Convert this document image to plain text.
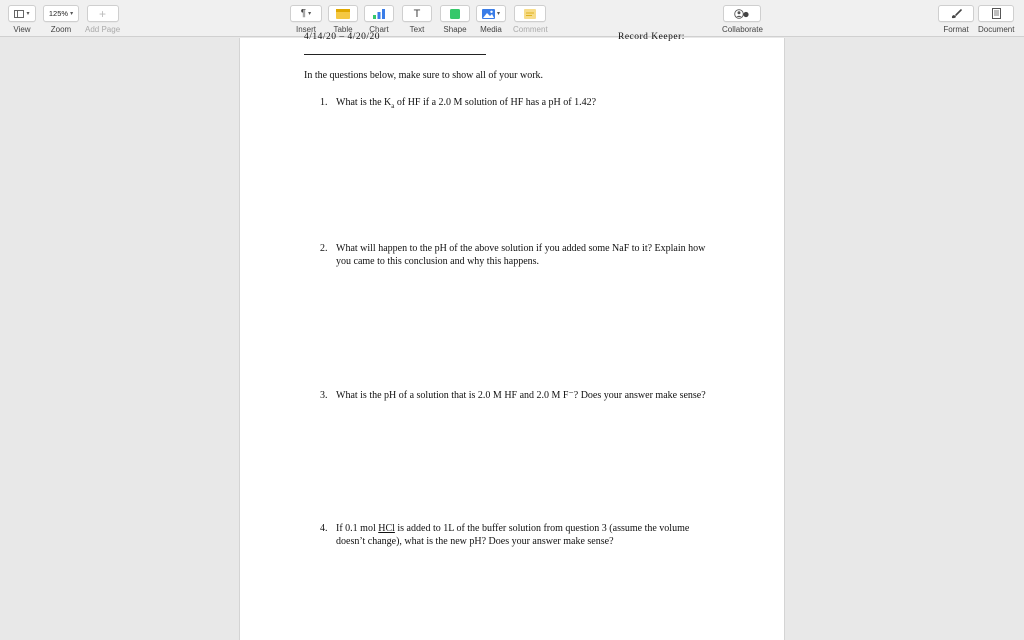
▾
View
125% ▾
Zoom
+
Add Page
¶ ▾
Insert Table Chart
T
Text Shape
▾
Media Comment	Collaborate	Format Document
4/14/20 – 4/20/20	Record Keeper:
In the questions below, make sure to show all of your work.
1. What is the $K_a$ of HF if a 2.0 M solution of HF has a pH of 1.42?
2. What will happen to the pH of the above solution if you added some NaF to it? Explain how you came to this conclusion and why this happens.
3. What is the pH of a solution that is 2.0 M HF and 2.0 M F⁻? Does your answer make sense?
4. If 0.1 mol HCl is added to 1L of the buffer solution from question 3 (assume the volume doesn’t change), what is the new pH? Does your answer make sense?
